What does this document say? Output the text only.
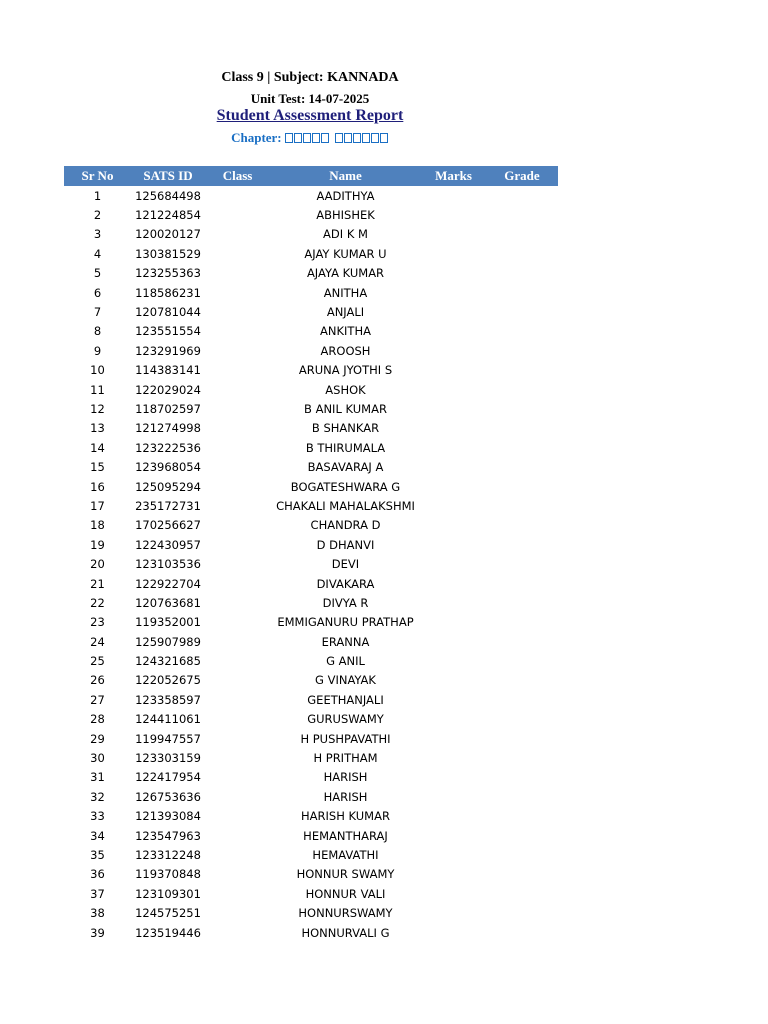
Class 9 | Subject: KANNADA
Unit Test: 14-07-2025
Student Assessment Report
Chapter:
Sr No	SATS ID	Class	Name	Marks	Grade
1	125684498		AADITHYA		
2	121224854		ABHISHEK		
3	120020127		ADI K M		
4	130381529		AJAY KUMAR U		
5	123255363		AJAYA KUMAR		
6	118586231		ANITHA		
7	120781044		ANJALI		
8	123551554		ANKITHA		
9	123291969		AROOSH		
10	114383141		ARUNA JYOTHI S		
11	122029024		ASHOK		
12	118702597		B ANIL KUMAR		
13	121274998		B SHANKAR		
14	123222536		B THIRUMALA		
15	123968054		BASAVARAJ A		
16	125095294		BOGATESHWARA G		
17	235172731		CHAKALI MAHALAKSHMI		
18	170256627		CHANDRA D		
19	122430957		D DHANVI		
20	123103536		DEVI		
21	122922704		DIVAKARA		
22	120763681		DIVYA R		
23	119352001		EMMIGANURU PRATHAP		
24	125907989		ERANNA		
25	124321685		G ANIL		
26	122052675		G VINAYAK		
27	123358597		GEETHANJALI		
28	124411061		GURUSWAMY		
29	119947557		H PUSHPAVATHI		
30	123303159		H PRITHAM		
31	122417954		HARISH		
32	126753636		HARISH		
33	121393084		HARISH KUMAR		
34	123547963		HEMANTHARAJ		
35	123312248		HEMAVATHI		
36	119370848		HONNUR SWAMY		
37	123109301		HONNUR VALI		
38	124575251		HONNURSWAMY		
39	123519446		HONNURVALI G		
